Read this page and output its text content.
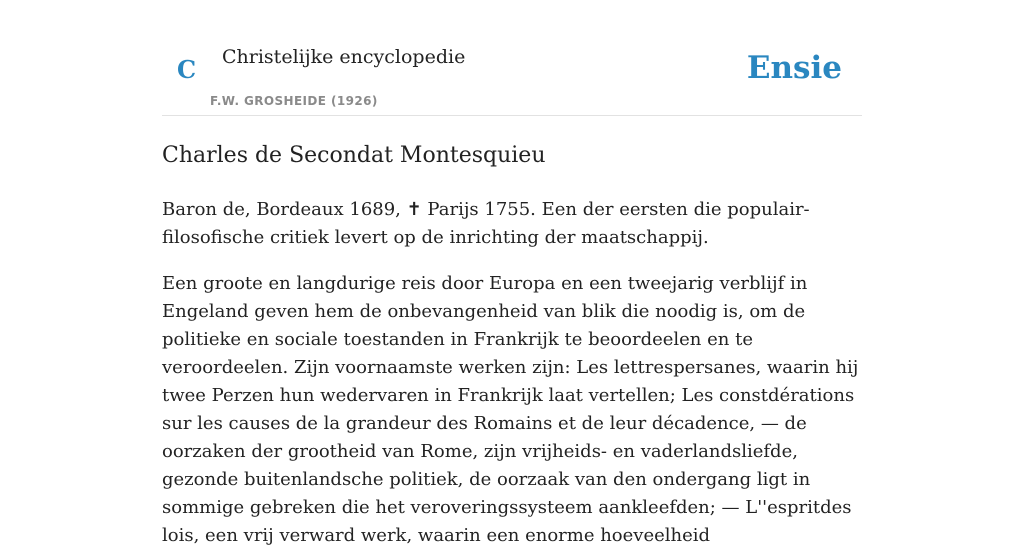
C Christelijke encyclopedie
F.W. GROSHEIDE (1926)
Ensie
Charles de Secondat Montesquieu

Baron de, Bordeaux 1689, ✝ Parijs 1755. Een der eersten die populair-filosofische critiek levert op de inrichting der maatschappij.

Een groote en langdurige reis door Europa en een tweejarig verblijf in Engeland geven hem de onbevangenheid van blik die noodig is, om de politieke en sociale toestanden in Frankrijk te beoordeelen en te veroordeelen. Zijn voornaamste werken zijn: Les lettrespersanes, waarin hij twee Perzen hun wedervaren in Frankrijk laat vertellen; Les constdérations sur les causes de la grandeur des Romains et de leur décadence, — de oorzaken der grootheid van Rome, zijn vrijheids- en vaderlandsliefde, gezonde buitenlandsche politiek, de oorzaak van den ondergang ligt in sommige gebreken die het veroveringssysteem aankleefden; — L''espritdes lois, een vrij verward werk, waarin een enorme hoeveelheid
